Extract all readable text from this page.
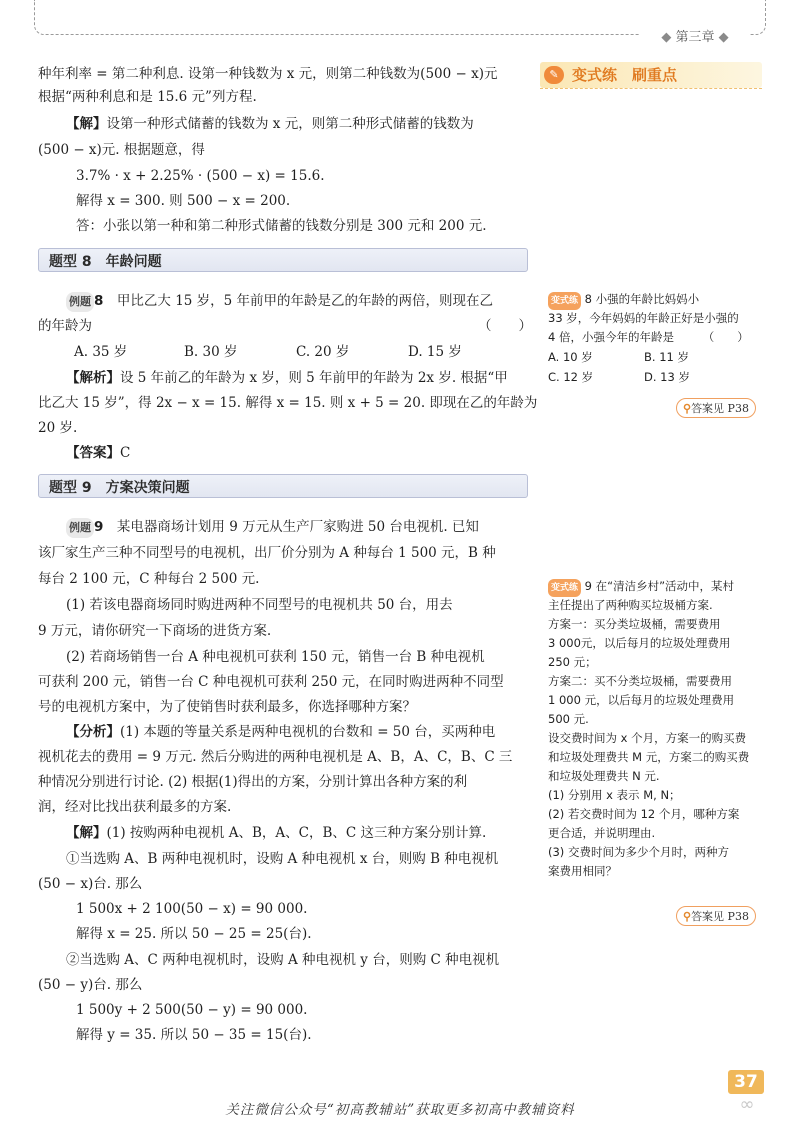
◆ 第三章 ◆
种年利率 = 第二种利息. 设第一种钱数为 x 元，则第二种钱数为(500 − x)元
根据“两种利息和是 15.6 元”列方程.
【解】设第一种形式储蓄的钱数为 x 元，则第二种形式储蓄的钱数为
(500 − x)元. 根据题意，得
3.7% · x + 2.25% · (500 − x) = 15.6.
解得 x = 300. 则 500 − x = 200.
答：小张以第一种和第二种形式储蓄的钱数分别是 300 元和 200 元.
题型 8　年龄问题
例题 8　 甲比乙大 15 岁，5 年前甲的年龄是乙的年龄的两倍，则现在乙
的年龄为	（　　）
A. 35 岁	B. 30 岁	C. 20 岁	D. 15 岁
【解析】设 5 年前乙的年龄为 x 岁，则 5 年前甲的年龄为 2x 岁. 根据“甲
比乙大 15 岁”，得 2x − x = 15. 解得 x = 15. 则 x + 5 = 20. 即现在乙的年龄为
20 岁.
【答案】C
题型 9　方案决策问题
例题 9　 某电器商场计划用 9 万元从生产厂家购进 50 台电视机. 已知
该厂家生产三种不同型号的电视机，出厂价分别为 A 种每台 1 500 元，B 种
每台 2 100 元，C 种每台 2 500 元.
(1) 若该电器商场同时购进两种不同型号的电视机共 50 台，用去
9 万元，请你研究一下商场的进货方案.
(2) 若商场销售一台 A 种电视机可获利 150 元，销售一台 B 种电视机
可获利 200 元，销售一台 C 种电视机可获利 250 元，在同时购进两种不同型
号的电视机方案中，为了使销售时获利最多，你选择哪种方案？
【分析】(1) 本题的等量关系是两种电视机的台数和 = 50 台，买两种电
视机花去的费用 = 9 万元. 然后分购进的两种电视机是 A、B，A、C，B、C 三
种情况分别进行讨论. (2) 根据(1)得出的方案，分别计算出各种方案的利
润，经对比找出获利最多的方案.
【解】(1) 按购两种电视机 A、B，A、C，B、C 这三种方案分别计算.
①当选购 A、B 两种电视机时，设购 A 种电视机 x 台，则购 B 种电视机
(50 − x)台. 那么
1 500x + 2 100(50 − x) = 90 000.
解得 x = 25. 所以 50 − 25 = 25(台).
②当选购 A、C 两种电视机时，设购 A 种电视机 y 台，则购 C 种电视机
(50 − y)台. 那么
1 500y + 2 500(50 − y) = 90 000.
解得 y = 35. 所以 50 − 35 = 15(台).
✎ 变式练　 刷重点
变式练 8 小强的年龄比妈妈小
33 岁，今年妈妈的年龄正好是小强的
4 倍，小强今年的年龄是　　　（　　）
A. 10 岁	B. 11 岁
C. 12 岁	D. 13 岁
⚲答案见 P38
变式练 9 在“清洁乡村”活动中，某村
主任提出了两种购买垃圾桶方案.
方案一：买分类垃圾桶，需要费用
3 000元，以后每月的垃圾处理费用
250 元；
方案二：买不分类垃圾桶，需要费用
1 000 元，以后每月的垃圾处理费用
500 元.
设交费时间为 x 个月，方案一的购买费
和垃圾处理费共 M 元，方案二的购买费
和垃圾处理费共 N 元.
(1) 分别用 x 表示 M, N；
(2) 若交费时间为 12 个月，哪种方案
更合适，并说明理由.
(3) 交费时间为多少个月时，两种方
案费用相同？
⚲答案见 P38
37
∞
关注微信公众号“初高教辅站”获取更多初高中教辅资料
